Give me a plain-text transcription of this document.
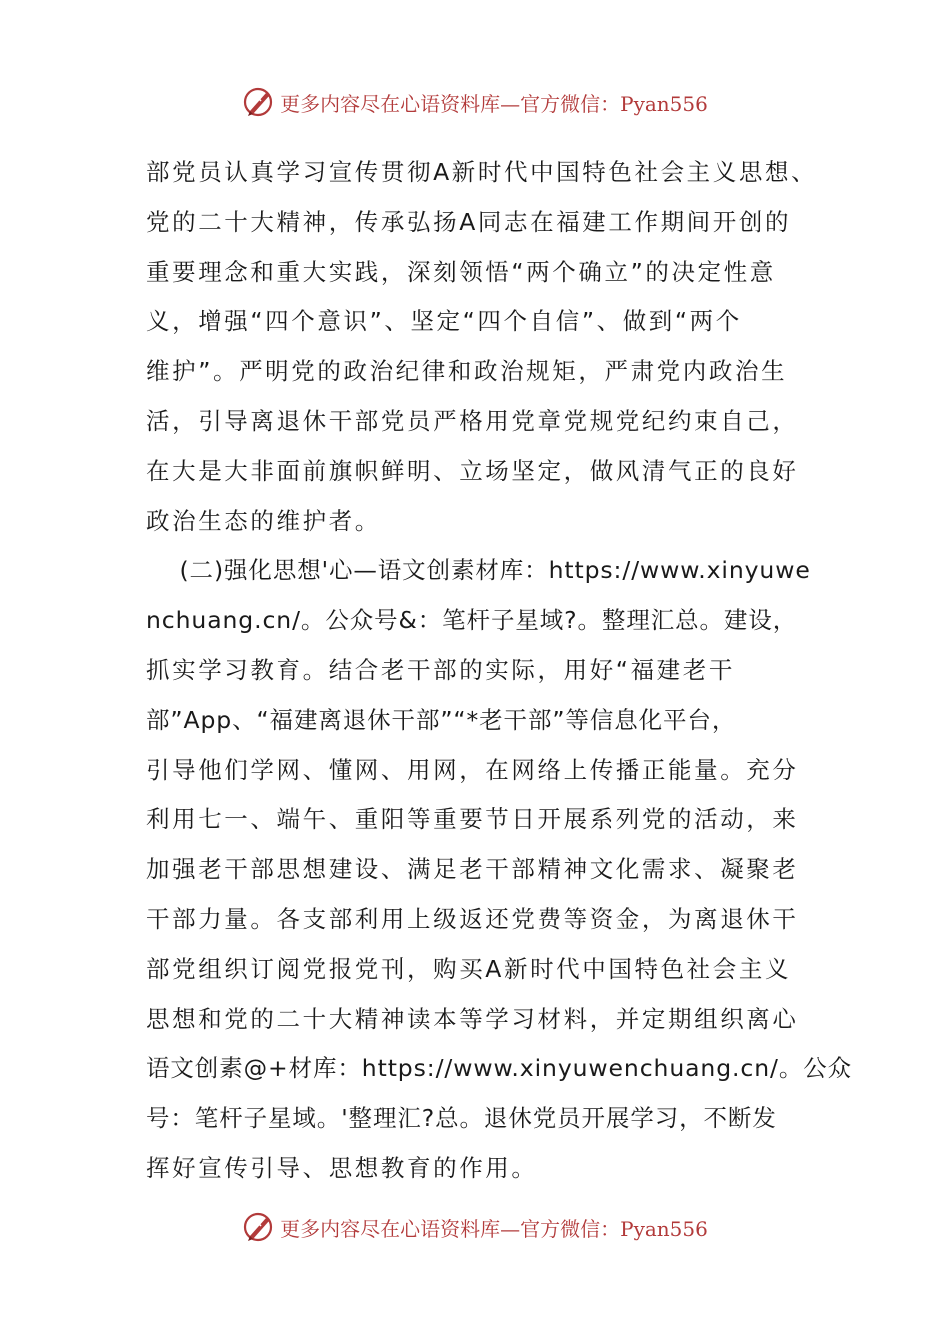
更多内容尽在心语资料库—官方微信：Pyan556
部党员认真学习宣传贯彻A新时代中国特色社会主义思想、
党的二十大精神，传承弘扬A同志在福建工作期间开创的
重要理念和重大实践，深刻领悟“两个确立”的决定性意
义，增强“四个意识”、坚定“四个自信”、做到“两个
维护”。严明党的政治纪律和政治规矩，严肃党内政治生
活，引导离退休干部党员严格用党章党规党纪约束自己，
在大是大非面前旗帜鲜明、立场坚定，做风清气正的良好
政治生态的维护者。
(二)强化思想'心—语文创素材库：https://www.xinyuwe
nchuang.cn/。公众号&：笔杆子星域?。整理汇总。建设，
抓实学习教育。结合老干部的实际，用好“福建老干
部”App、“福建离退休干部”“*老干部”等信息化平台，
引导他们学网、懂网、用网，在网络上传播正能量。充分
利用七一、端午、重阳等重要节日开展系列党的活动，来
加强老干部思想建设、满足老干部精神文化需求、凝聚老
干部力量。各支部利用上级返还党费等资金，为离退休干
部党组织订阅党报党刊，购买A新时代中国特色社会主义
思想和党的二十大精神读本等学习材料，并定期组织离心
语文创素@+材库：https://www.xinyuwenchuang.cn/。公众
号：笔杆子星域。'整理汇?总。退休党员开展学习，不断发
挥好宣传引导、思想教育的作用。
更多内容尽在心语资料库—官方微信：Pyan556
